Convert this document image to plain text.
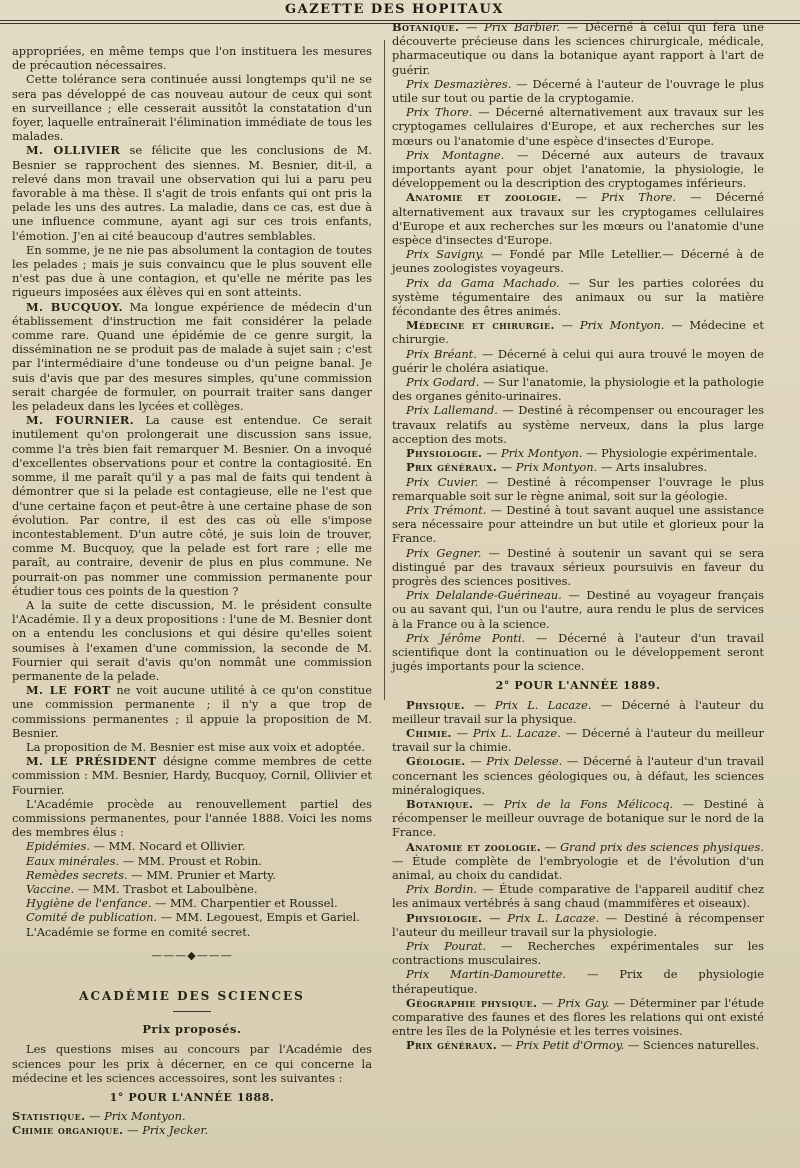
GAZETTE DES HOPITAUX

appropriées, en même temps que l'on instituera les mesures de précaution nécessaires.

Cette tolérance sera continuée aussi longtemps qu'il ne se sera pas développé de cas nouveau autour de ceux qui sont en surveillance ; elle cesserait aussitôt la constatation d'un foyer, laquelle entraînerait l'élimination immédiate de tous les malades.

M. OLLIVIER se félicite que les conclusions de M. Besnier se rapprochent des siennes. M. Besnier, dit-il, a relevé dans mon travail une observation qui lui a paru peu favorable à ma thèse. Il s'agit de trois enfants qui ont pris la pelade les uns des autres. La maladie, dans ce cas, est due à une influence commune, ayant agi sur ces trois enfants, l'émotion. J'en ai cité beaucoup d'autres semblables.

En somme, je ne nie pas absolument la contagion de toutes les pelades ; mais je suis convaincu que le plus souvent elle n'est pas due à une contagion, et qu'elle ne mérite pas les rigueurs imposées aux élèves qui en sont atteints.

M. BUCQUOY. Ma longue expérience de médecin d'un établissement d'instruction me fait considérer la pelade comme rare. Quand une épidémie de ce genre surgit, la dissémination ne se produit pas de malade à sujet sain ; c'est par l'intermédiaire d'une tondeuse ou d'un peigne banal. Je suis d'avis que par des mesures simples, qu'une commission serait chargée de formuler, on pourrait traiter sans danger les peladeux dans les lycées et collèges.

M. FOURNIER. La cause est entendue. Ce serait inutilement qu'on prolongerait une discussion sans issue, comme l'a très bien fait remarquer M. Besnier. On a invoqué d'excellentes observations pour et contre la contagiosité. En somme, il me paraît qu'il y a pas mal de faits qui tendent à démontrer que si la pelade est contagieuse, elle ne l'est que d'une certaine façon et peut-être à une certaine phase de son évolution. Par contre, il est des cas où elle s'impose incontestablement. D'un autre côté, je suis loin de trouver, comme M. Bucquoy, que la pelade est fort rare ; elle me paraît, au contraire, devenir de plus en plus commune. Ne pourrait-on pas nommer une commission permanente pour étudier tous ces points de la question ?

A la suite de cette discussion, M. le président consulte l'Académie. Il y a deux propositions : l'une de M. Besnier dont on a entendu les conclusions et qui désire qu'elles soient soumises à l'examen d'une commission, la seconde de M. Fournier qui serait d'avis qu'on nommât une commission permanente de la pelade.

M. LE FORT ne voit aucune utilité à ce qu'on constitue une commission permanente ; il n'y a que trop de commissions permanentes ; il appuie la proposition de M. Besnier.

La proposition de M. Besnier est mise aux voix et adoptée.

M. LE PRÉSIDENT désigne comme membres de cette commission : MM. Besnier, Hardy, Bucquoy, Cornil, Ollivier et Fournier.

L'Académie procède au renouvellement partiel des commissions permanentes, pour l'année 1888. Voici les noms des membres élus :

Epidémies. — MM. Nocard et Ollivier.

Eaux minérales. — MM. Proust et Robin.

Remèdes secrets. — MM. Prunier et Marty.

Vaccine. — MM. Trasbot et Laboulbène.

Hygiène de l'enfance. — MM. Charpentier et Roussel.

Comité de publication. — MM. Legouest, Empis et Gariel.

L'Académie se forme en comité secret.

———◆———

ACADÉMIE DES SCIENCES

Prix proposés.

Les questions mises au concours par l'Académie des sciences pour les prix à décerner, en ce qui concerne la médecine et les sciences accessoires, sont les suivantes :

1° POUR L'ANNÉE 1888.

Statistique. — Prix Montyon.

Chimie organique. — Prix Jecker.

Botanique. — Prix Barbier. — Décerné à celui qui fera une découverte précieuse dans les sciences chirurgicale, médicale, pharmaceutique ou dans la botanique ayant rapport à l'art de guérir.

Prix Desmazières. — Décerné à l'auteur de l'ouvrage le plus utile sur tout ou partie de la cryptogamie.

Prix Thore. — Décerné alternativement aux travaux sur les cryptogames cellulaires d'Europe, et aux recherches sur les mœurs ou l'anatomie d'une espèce d'insectes d'Europe.

Prix Montagne. — Décerné aux auteurs de travaux importants ayant pour objet l'anatomie, la physiologie, le développement ou la description des cryptogames inférieurs.

Anatomie et zoologie. — Prix Thore. — Décerné alternativement aux travaux sur les cryptogames cellulaires d'Europe et aux recherches sur les mœurs ou l'anatomie d'une espèce d'insectes d'Europe.

Prix Savigny. — Fondé par Mlle Letellier.— Décerné à de jeunes zoologistes voyageurs.

Prix da Gama Machado. — Sur les parties colorées du système tégumentaire des animaux ou sur la matière fécondante des êtres animés.

Médecine et chirurgie. — Prix Montyon. — Médecine et chirurgie.

Prix Bréant. — Décerné à celui qui aura trouvé le moyen de guérir le choléra asiatique.

Prix Godard. — Sur l'anatomie, la physiologie et la pathologie des organes génito-urinaires.

Prix Lallemand. — Destiné à récompenser ou encourager les travaux relatifs au système nerveux, dans la plus large acception des mots.

Physiologie. — Prix Montyon. — Physiologie expérimentale.

Prix généraux. — Prix Montyon. — Arts insalubres.

Prix Cuvier. — Destiné à récompenser l'ouvrage le plus remarquable soit sur le règne animal, soit sur la géologie.

Prix Trémont. — Destiné à tout savant auquel une assistance sera nécessaire pour atteindre un but utile et glorieux pour la France.

Prix Gegner. — Destiné à soutenir un savant qui se sera distingué par des travaux sérieux poursuivis en faveur du progrès des sciences positives.

Prix Delalande-Guérineau. — Destiné au voyageur français ou au savant qui, l'un ou l'autre, aura rendu le plus de services à la France ou à la science.

Prix Jérôme Ponti. — Décerné à l'auteur d'un travail scientifique dont la continuation ou le développement seront jugés importants pour la science.

2° POUR L'ANNÉE 1889.

Physique. — Prix L. Lacaze. — Décerné à l'auteur du meilleur travail sur la physique.

Chimie. — Prix L. Lacaze. — Décerné à l'auteur du meilleur travail sur la chimie.

Géologie. — Prix Delesse. — Décerné à l'auteur d'un travail concernant les sciences géologiques ou, à défaut, les sciences minéralogiques.

Botanique. — Prix de la Fons Mélicocq. — Destiné à récompenser le meilleur ouvrage de botanique sur le nord de la France.

Anatomie et zoologie. — Grand prix des sciences physiques. — Étude complète de l'embryologie et de l'évolution d'un animal, au choix du candidat.

Prix Bordin. — Étude comparative de l'appareil auditif chez les animaux vertébrés à sang chaud (mammifères et oiseaux).

Physiologie. — Prix L. Lacaze. — Destiné à récompenser l'auteur du meilleur travail sur la physiologie.

Prix Pourat. — Recherches expérimentales sur les contractions musculaires.

Prix Martin-Damourette. — Prix de physiologie thérapeutique.

Géographie physique. — Prix Gay. — Déterminer par l'étude comparative des faunes et des flores les relations qui ont existé entre les îles de la Polynésie et les terres voisines.

Prix généraux. — Prix Petit d'Ormoy. — Sciences naturelles.
